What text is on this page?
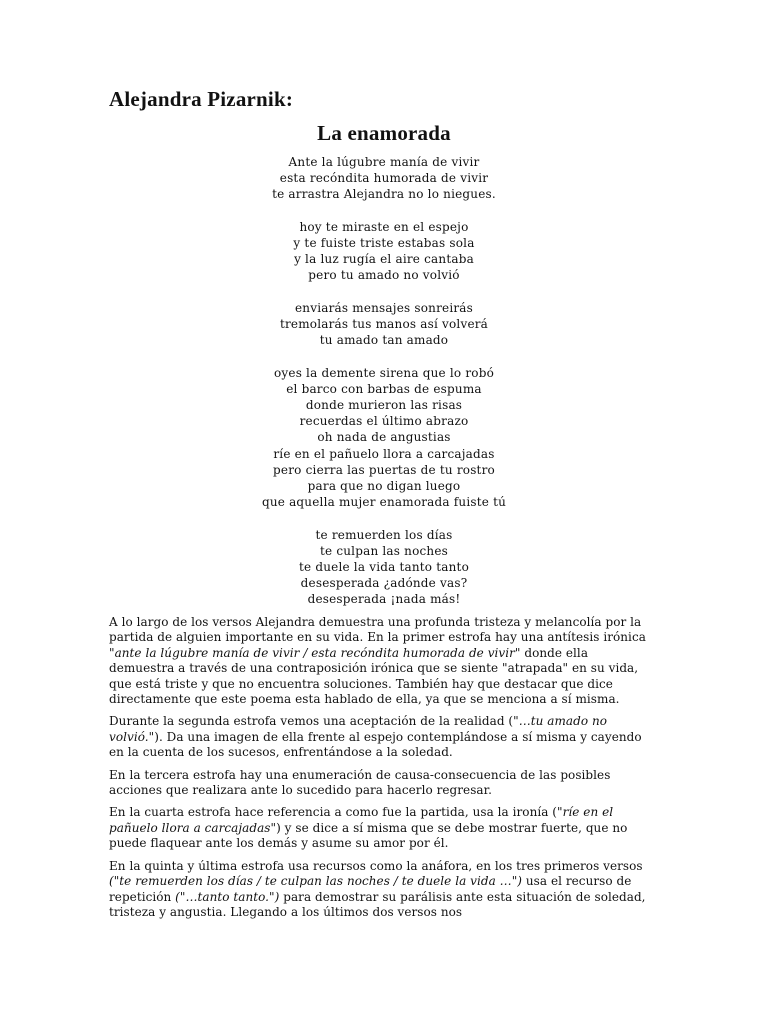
Alejandra Pizarnik:
La enamorada
Ante la lúgubre manía de vivir
esta recóndita humorada de vivir
te arrastra Alejandra no lo niegues.
hoy te miraste en el espejo
y te fuiste triste estabas sola
y la luz rugía el aire cantaba
pero tu amado no volvió
enviarás mensajes sonreirás
tremolarás tus manos así volverá
tu amado tan amado
oyes la demente sirena que lo robó
el barco con barbas de espuma
donde murieron las risas
recuerdas el último abrazo
oh nada de angustias
ríe en el pañuelo llora a carcajadas
pero cierra las puertas de tu rostro
para que no digan luego
que aquella mujer enamorada fuiste tú
te remuerden los días
te culpan las noches
te duele la vida tanto tanto
desesperada ¿adónde vas?
desesperada ¡nada más!

A lo largo de los versos Alejandra demuestra una profunda tristeza y melancolía por la partida de alguien importante en su vida. En la primer estrofa hay una antítesis irónica "ante la lúgubre manía de vivir / esta recóndita humorada de vivir" donde ella demuestra a través de una contraposición irónica que se siente "atrapada" en su vida, que está triste y que no encuentra soluciones. También hay que destacar que dice directamente que este poema esta hablado de ella, ya que se menciona a sí misma.

Durante la segunda estrofa vemos una aceptación de la realidad ("…tu amado no volvió."). Da una imagen de ella frente al espejo contemplándose a sí misma y cayendo en la cuenta de los sucesos, enfrentándose a la soledad.

En la tercera estrofa hay una enumeración de causa-consecuencia de las posibles acciones que realizara ante lo sucedido para hacerlo regresar.

En la cuarta estrofa hace referencia a como fue la partida, usa la ironía ("ríe en el pañuelo llora a carcajadas") y se dice a sí misma que se debe mostrar fuerte, que no puede flaquear ante los demás y asume su amor por él.

En la quinta y última estrofa usa recursos como la anáfora, en los tres primeros versos ("te remuerden los días / te culpan las noches / te duele la vida …") usa el recurso de repetición ("…tanto tanto.") para demostrar su parálisis ante esta situación de soledad, tristeza y angustia. Llegando a los últimos dos versos nos
